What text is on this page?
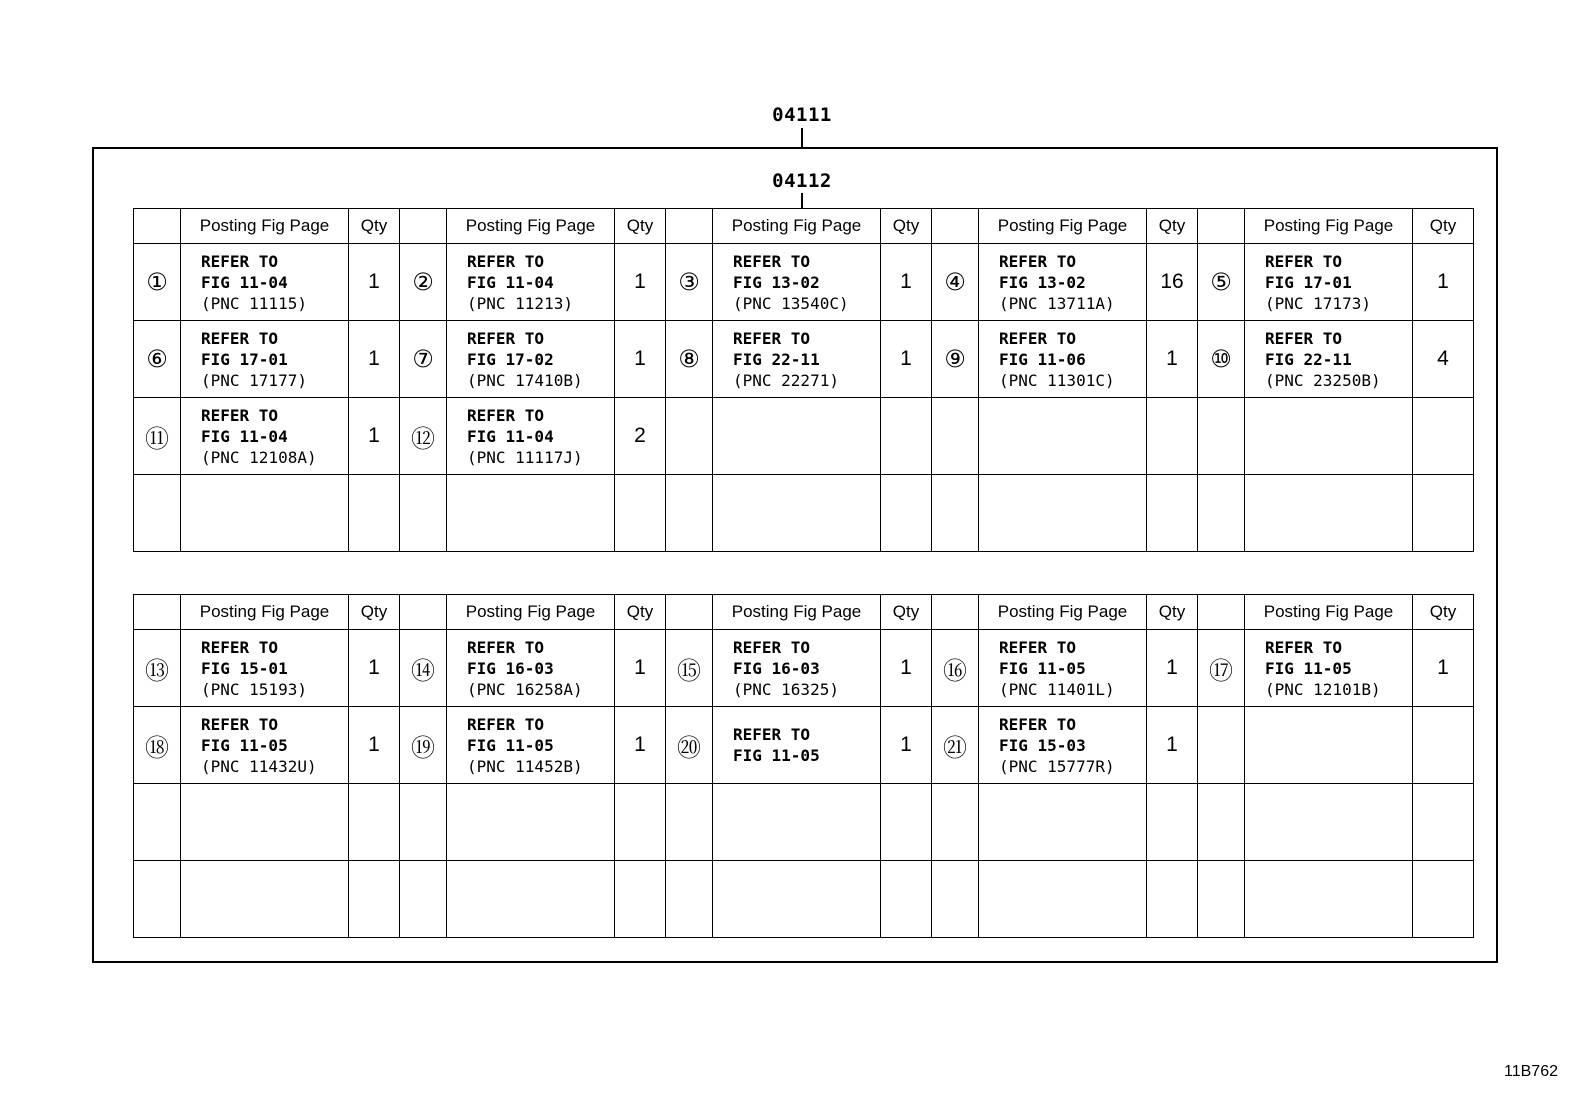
04111
04112
	Posting Fig Page	Qty		Posting Fig Page	Qty		Posting Fig Page	Qty		Posting Fig Page	Qty		Posting Fig Page	Qty
①	REFER TO
FIG 11-04
(PNC 11115)	1	②	REFER TO
FIG 11-04
(PNC 11213)	1	③	REFER TO
FIG 13-02
(PNC 13540C)	1	④	REFER TO
FIG 13-02
(PNC 13711A)	16	⑤	REFER TO
FIG 17-01
(PNC 17173)	1
⑥	REFER TO
FIG 17-01
(PNC 17177)	1	⑦	REFER TO
FIG 17-02
(PNC 17410B)	1	⑧	REFER TO
FIG 22-11
(PNC 22271)	1	⑨	REFER TO
FIG 11-06
(PNC 11301C)	1	⑩	REFER TO
FIG 22-11
(PNC 23250B)	4
⑪	REFER TO
FIG 11-04
(PNC 12108A)	1	⑫	REFER TO
FIG 11-04
(PNC 11117J)	2									

	Posting Fig Page	Qty		Posting Fig Page	Qty		Posting Fig Page	Qty		Posting Fig Page	Qty		Posting Fig Page	Qty
⑬	REFER TO
FIG 15-01
(PNC 15193)	1	⑭	REFER TO
FIG 16-03
(PNC 16258A)	1	⑮	REFER TO
FIG 16-03
(PNC 16325)	1	⑯	REFER TO
FIG 11-05
(PNC 11401L)	1	⑰	REFER TO
FIG 11-05
(PNC 12101B)	1
⑱	REFER TO
FIG 11-05
(PNC 11432U)	1	⑲	REFER TO
FIG 11-05
(PNC 11452B)	1	⑳	REFER TO
FIG 11-05	1	㉑	REFER TO
FIG 15-03
(PNC 15777R)	1			

11B762
